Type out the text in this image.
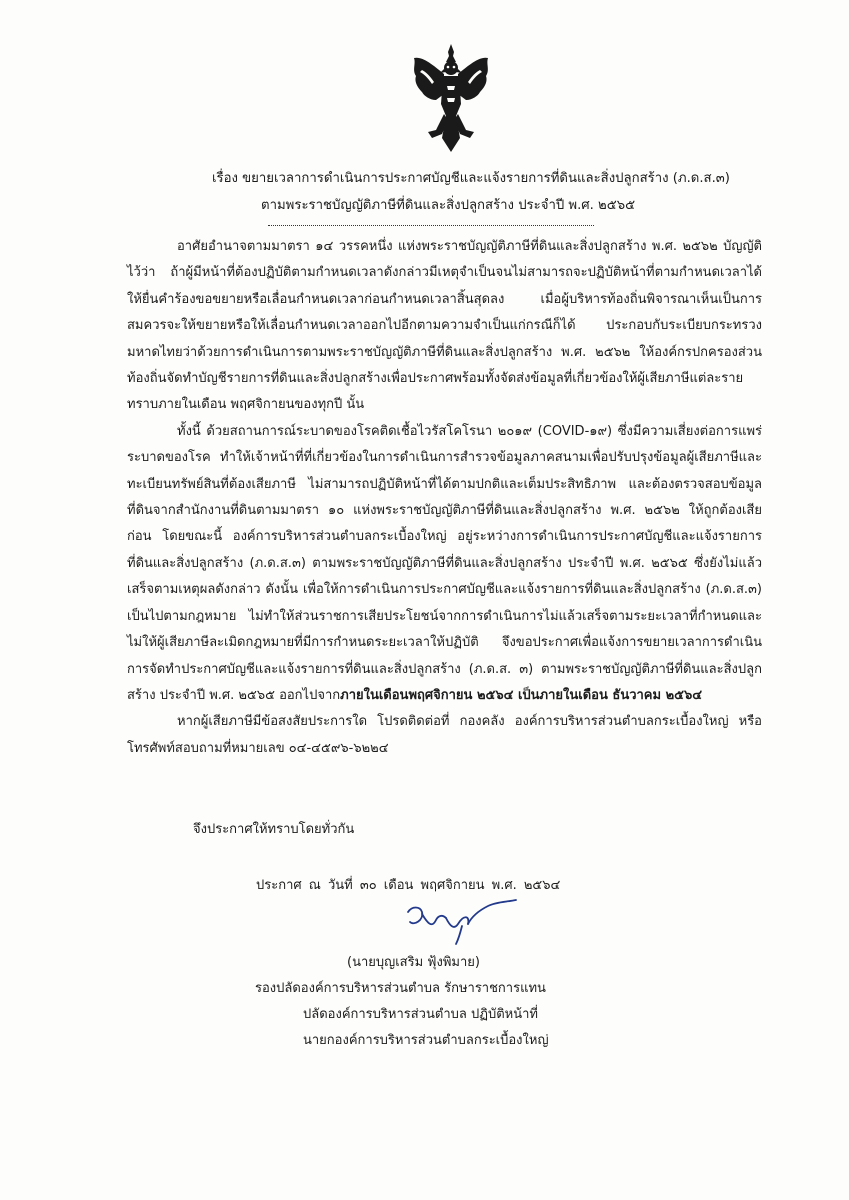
เรื่อง ขยายเวลาการดำเนินการประกาศบัญชีและแจ้งรายการที่ดินและสิ่งปลูกสร้าง (ภ.ด.ส.๓)
ตามพระราชบัญญัติภาษีที่ดินและสิ่งปลูกสร้าง ประจำปี พ.ศ. ๒๕๖๕

อาศัยอำนาจตามมาตรา ๑๔ วรรคหนึ่ง แห่งพระราชบัญญัติภาษีที่ดินและสิ่งปลูกสร้าง พ.ศ. ๒๕๖๒ บัญญัติไว้ว่า ถ้าผู้มีหน้าที่ต้องปฏิบัติตามกำหนดเวลาดังกล่าวมีเหตุจำเป็นจนไม่สามารถจะปฏิบัติหน้าที่ตามกำหนดเวลาได้ ให้ยื่นคำร้องขอขยายหรือเลื่อนกำหนดเวลาก่อนกำหนดเวลาสิ้นสุดลง เมื่อผู้บริหารท้องถิ่นพิจารณาเห็นเป็นการสมควรจะให้ขยายหรือให้เลื่อนกำหนดเวลาออกไปอีกตามความจำเป็นแก่กรณีก็ได้ ประกอบกับระเบียบกระทรวงมหาดไทยว่าด้วยการดำเนินการตามพระราชบัญญัติภาษีที่ดินและสิ่งปลูกสร้าง พ.ศ. ๒๕๖๒ ให้องค์กรปกครองส่วนท้องถิ่นจัดทำบัญชีรายการที่ดินและสิ่งปลูกสร้างเพื่อประกาศพร้อมทั้งจัดส่งข้อมูลที่เกี่ยวข้องให้ผู้เสียภาษีแต่ละรายทราบภายในเดือน พฤศจิกายนของทุกปี นั้น

ทั้งนี้ ด้วยสถานการณ์ระบาดของโรคติดเชื้อไวรัสโคโรนา ๒๐๑๙ (COVID-๑๙) ซึ่งมีความเสี่ยงต่อการแพร่ระบาดของโรค ทำให้เจ้าหน้าที่ที่เกี่ยวข้องในการดำเนินการสำรวจข้อมูลภาคสนามเพื่อปรับปรุงข้อมูลผู้เสียภาษีและทะเบียนทรัพย์สินที่ต้องเสียภาษี ไม่สามารถปฏิบัติหน้าที่ได้ตามปกติและเต็มประสิทธิภาพ และต้องตรวจสอบข้อมูลที่ดินจากสำนักงานที่ดินตามมาตรา ๑๐ แห่งพระราชบัญญัติภาษีที่ดินและสิ่งปลูกสร้าง พ.ศ. ๒๕๖๒ ให้ถูกต้องเสียก่อน โดยขณะนี้ องค์การบริหารส่วนตำบลกระเบื้องใหญ่ อยู่ระหว่างการดำเนินการประกาศบัญชีและแจ้งรายการที่ดินและสิ่งปลูกสร้าง (ภ.ด.ส.๓) ตามพระราชบัญญัติภาษีที่ดินและสิ่งปลูกสร้าง ประจำปี พ.ศ. ๒๕๖๕ ซึ่งยังไม่แล้วเสร็จตามเหตุผลดังกล่าว ดังนั้น เพื่อให้การดำเนินการประกาศบัญชีและแจ้งรายการที่ดินและสิ่งปลูกสร้าง (ภ.ด.ส.๓) เป็นไปตามกฎหมาย ไม่ทำให้ส่วนราชการเสียประโยชน์จากการดำเนินการไม่แล้วเสร็จตามระยะเวลาที่กำหนดและไม่ให้ผู้เสียภาษีละเมิดกฎหมายที่มีการกำหนดระยะเวลาให้ปฏิบัติ จึงขอประกาศเพื่อแจ้งการขยายเวลาการดำเนินการจัดทำประกาศบัญชีและแจ้งรายการที่ดินและสิ่งปลูกสร้าง (ภ.ด.ส. ๓) ตามพระราชบัญญัติภาษีที่ดินและสิ่งปลูกสร้าง ประจำปี พ.ศ. ๒๕๖๕ ออกไปจากภายในเดือนพฤศจิกายน ๒๕๖๔ เป็นภายในเดือน ธันวาคม ๒๕๖๔

หากผู้เสียภาษีมีข้อสงสัยประการใด โปรดติดต่อที่ กองคลัง องค์การบริหารส่วนตำบลกระเบื้องใหญ่ หรือ โทรศัพท์สอบถามที่หมายเลข ๐๔-๔๕๙๖-๖๒๒๔

จึงประกาศให้ทราบโดยทั่วกัน
ประกาศ ณ วันที่ ๓๐ เดือน พฤศจิกายน พ.ศ. ๒๕๖๔
(นายบุญเสริม ฟุ้งพิมาย)
รองปลัดองค์การบริหารส่วนตำบล รักษาราชการแทน
ปลัดองค์การบริหารส่วนตำบล ปฏิบัติหน้าที่
นายกองค์การบริหารส่วนตำบลกระเบื้องใหญ่
